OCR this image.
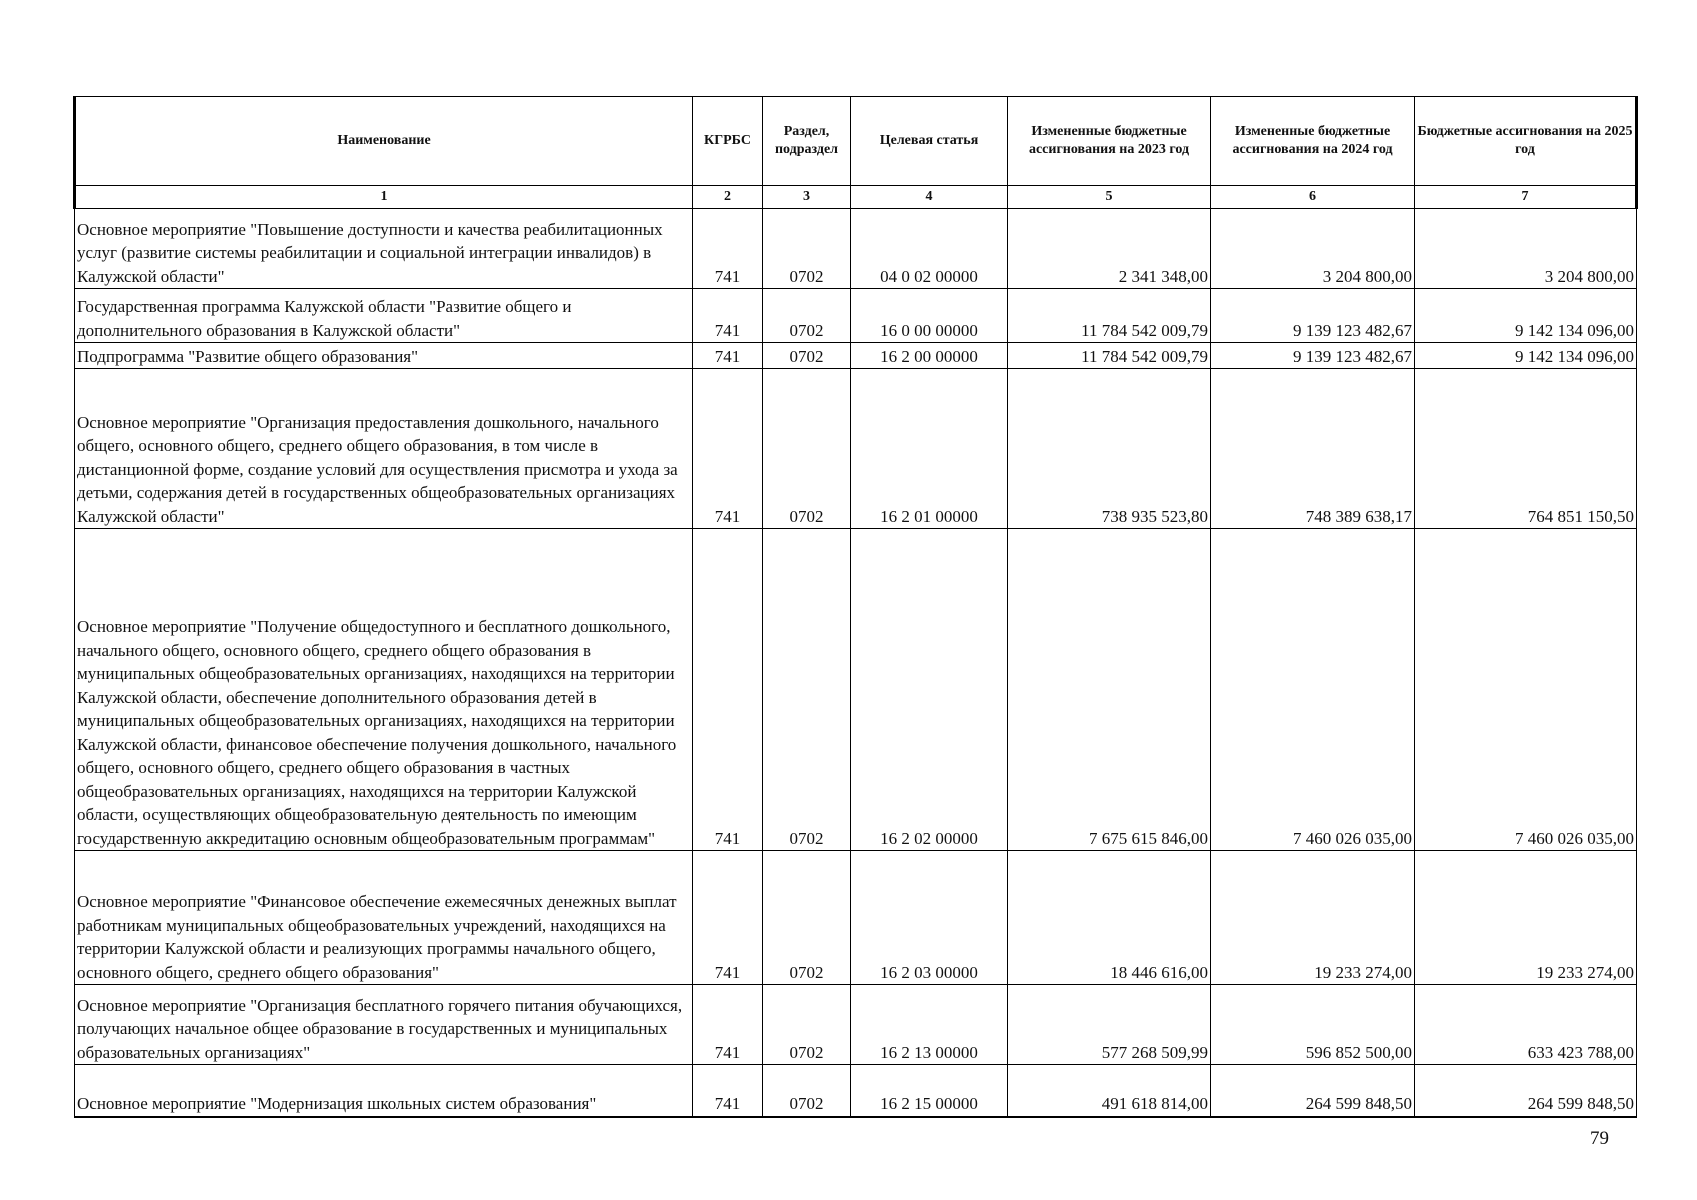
Наименование	КГРБС	Раздел, подраздел	Целевая статья	Измененные бюджетные ассигнования на 2023 год	Измененные бюджетные ассигнования на 2024 год	Бюджетные ассигнования на 2025 год
1	2	3	4	5	6	7
Основное мероприятие "Повышение доступности и качества реабилитационных услуг (развитие системы реабилитации и социальной интеграции инвалидов) в Калужской области"	741	0702	04 0 02 00000	2 341 348,00	3 204 800,00	3 204 800,00
Государственная программа Калужской области "Развитие общего и дополнительного образования в Калужской области"	741	0702	16 0 00 00000	11 784 542 009,79	9 139 123 482,67	9 142 134 096,00
Подпрограмма "Развитие общего образования"	741	0702	16 2 00 00000	11 784 542 009,79	9 139 123 482,67	9 142 134 096,00
Основное мероприятие "Организация предоставления дошкольного, начального общего, основного общего, среднего общего образования, в том числе в дистанционной форме, создание условий для осуществления присмотра и ухода за детьми, содержания детей в государственных общеобразовательных организациях Калужской области"	741	0702	16 2 01 00000	738 935 523,80	748 389 638,17	764 851 150,50
Основное мероприятие "Получение общедоступного и бесплатного дошкольного, начального общего, основного общего, среднего общего образования в муниципальных общеобразовательных организациях, находящихся на территории Калужской области, обеспечение дополнительного образования детей в муниципальных общеобразовательных организациях, находящихся на территории Калужской области, финансовое обеспечение получения дошкольного, начального общего, основного общего, среднего общего образования в частных общеобразовательных организациях, находящихся на территории Калужской области, осуществляющих общеобразовательную деятельность по имеющим государственную аккредитацию основным общеобразовательным программам"	741	0702	16 2 02 00000	7 675 615 846,00	7 460 026 035,00	7 460 026 035,00
Основное мероприятие "Финансовое обеспечение ежемесячных денежных выплат работникам муниципальных общеобразовательных учреждений, находящихся на территории Калужской области и реализующих программы начального общего, основного общего, среднего общего образования"	741	0702	16 2 03 00000	18 446 616,00	19 233 274,00	19 233 274,00
Основное мероприятие "Организация бесплатного горячего питания обучающихся, получающих начальное общее образование в государственных и муниципальных образовательных организациях"	741	0702	16 2 13 00000	577 268 509,99	596 852 500,00	633 423 788,00
Основное мероприятие "Модернизация школьных систем образования"	741	0702	16 2 15 00000	491 618 814,00	264 599 848,50	264 599 848,50
79
